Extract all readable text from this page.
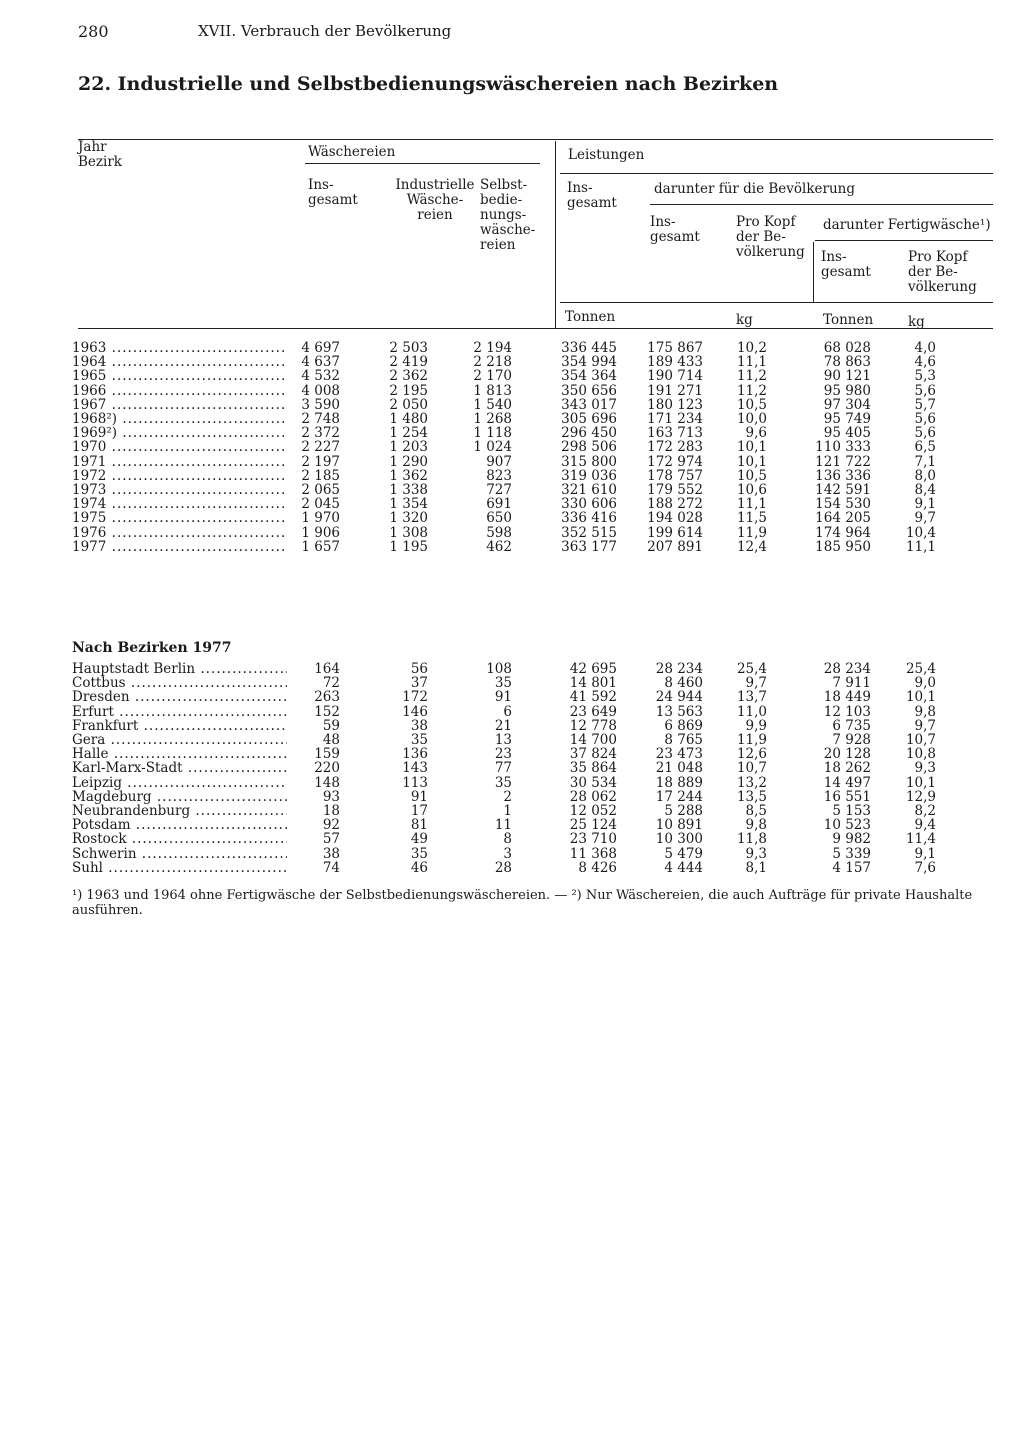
280	XVII. Verbrauch der Bevölkerung
22. Industrielle und Selbstbedienungswäschereien nach Bezirken
Jahr
Bezirk
Wäschereien
Ins-
gesamt
Industrielle
Wäsche-
reien
Selbst-
bedie-
nungs-
wäsche-
reien
Leistungen
Ins-
gesamt
darunter für die Bevölkerung
Ins-
gesamt
Pro Kopf
der Be-
völkerung
darunter Fertigwäsche¹)
Ins-
gesamt
Pro Kopf
der Be-
völkerung
Tonnen	kg	Tonnen	kg
1963 .....	4 697	2 503	2 194	336 445	175 867	10,2	68 028	4,0
1964 .....	4 637	2 419	2 218	354 994	189 433	11,1	78 863	4,6
1965 .....	4 532	2 362	2 170	354 364	190 714	11,2	90 121	5,3
1966 .....	4 008	2 195	1 813	350 656	191 271	11,2	95 980	5,6
1967 .....	3 590	2 050	1 540	343 017	180 123	10,5	97 304	5,7
1968²) .....	2 748	1 480	1 268	305 696	171 234	10,0	95 749	5,6
1969²) .....	2 372	1 254	1 118	296 450	163 713	9,6	95 405	5,6
1970 .....	2 227	1 203	1 024	298 506	172 283	10,1	110 333	6,5
1971 .....	2 197	1 290	907	315 800	172 974	10,1	121 722	7,1
1972 .....	2 185	1 362	823	319 036	178 757	10,5	136 336	8,0
1973 .....	2 065	1 338	727	321 610	179 552	10,6	142 591	8,4
1974 .....	2 045	1 354	691	330 606	188 272	11,1	154 530	9,1
1975 .....	1 970	1 320	650	336 416	194 028	11,5	164 205	9,7
1976 .....	1 906	1 308	598	352 515	199 614	11,9	174 964	10,4
1977 .....	1 657	1 195	462	363 177	207 891	12,4	185 950	11,1
Nach Bezirken 1977
Hauptstadt Berlin .....	164	56	108	42 695	28 234	25,4	28 234	25,4
Cottbus .....	72	37	35	14 801	8 460	9,7	7 911	9,0
Dresden .....	263	172	91	41 592	24 944	13,7	18 449	10,1
Erfurt .....	152	146	6	23 649	13 563	11,0	12 103	9,8
Frankfurt .....	59	38	21	12 778	6 869	9,9	6 735	9,7
Gera .....	48	35	13	14 700	8 765	11,9	7 928	10,7
Halle .....	159	136	23	37 824	23 473	12,6	20 128	10,8
Karl-Marx-Stadt .....	220	143	77	35 864	21 048	10,7	18 262	9,3
Leipzig .....	148	113	35	30 534	18 889	13,2	14 497	10,1
Magdeburg .....	93	91	2	28 062	17 244	13,5	16 551	12,9
Neubrandenburg .....	18	17	1	12 052	5 288	8,5	5 153	8,2
Potsdam .....	92	81	11	25 124	10 891	9,8	10 523	9,4
Rostock .....	57	49	8	23 710	10 300	11,8	9 982	11,4
Schwerin .....	38	35	3	11 368	5 479	9,3	5 339	9,1
Suhl .....	74	46	28	8 426	4 444	8,1	4 157	7,6
¹) 1963 und 1964 ohne Fertigwäsche der Selbstbedienungswäschereien. — ²) Nur Wäschereien, die auch Aufträge für private Haushalte ausführen.
